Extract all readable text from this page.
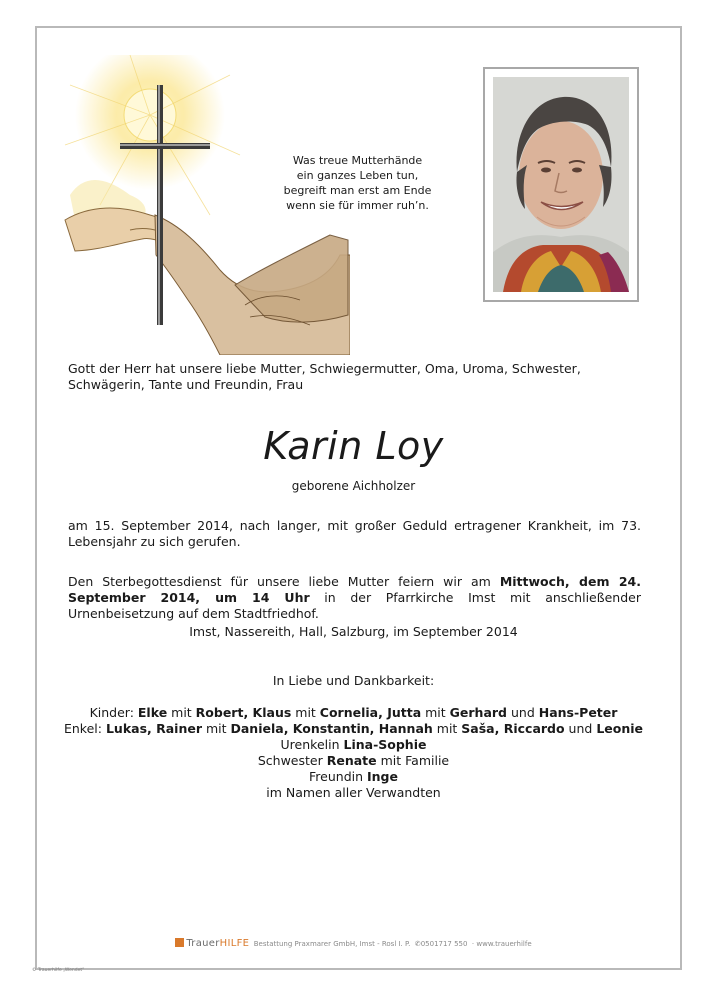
Was treue Mutterhände
ein ganzes Leben tun,
begreift man erst am Ende
wenn sie für immer ruh’n.
Gott der Herr hat unsere liebe Mutter, Schwiegermutter, Oma, Uroma, Schwester, Schwägerin, Tante und Freundin, Frau
Karin Loy
geborene Aichholzer
am 15. September 2014, nach langer, mit großer Geduld ertragener Krankheit, im 73. Lebensjahr zu sich gerufen.
Den Sterbegottesdienst für unsere liebe Mutter feiern wir am Mittwoch, dem 24. September 2014, um 14 Uhr in der Pfarrkirche Imst mit anschließender Urnenbeisetzung auf dem Stadtfriedhof.
Imst, Nassereith, Hall, Salzburg, im September 2014
In Liebe und Dankbarkeit:
Kinder: Elke mit Robert, Klaus mit Cornelia, Jutta mit Gerhard und Hans-Peter
Enkel: Lukas, Rainer mit Daniela, Konstantin, Hannah mit Saša, Riccardo und Leonie
Urenkelin Lina-Sophie
Schwester Renate mit Familie
Freundin Inge
im Namen aller Verwandten
TrauerHILFE Bestattung Praxmarer GmbH, Imst - Rosl I. P. ✆0501717 550  · www.trauerhilfe
© Trauerhilfe „Wendet“
